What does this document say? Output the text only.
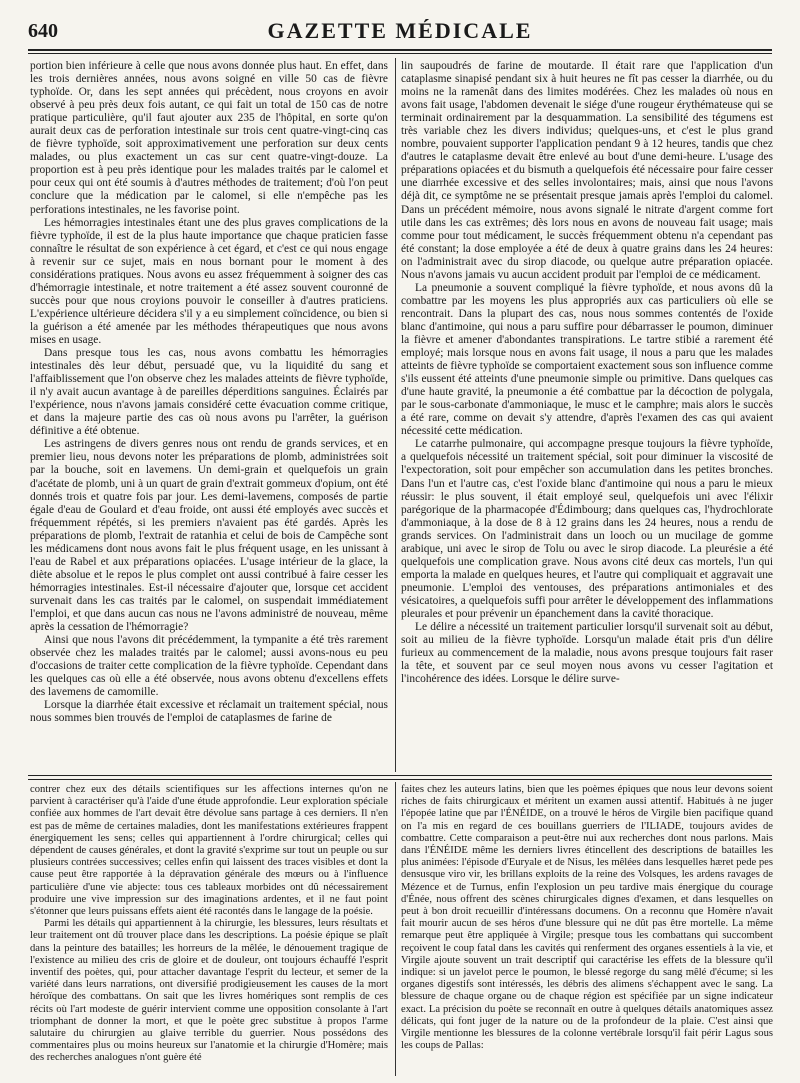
640	GAZETTE MÉDICALE

portion bien inférieure à celle que nous avons donnée plus haut. En effet, dans les trois dernières années, nous avons soigné en ville 50 cas de fièvre typhoïde. Or, dans les sept années qui précèdent, nous croyons en avoir observé à peu près deux fois autant, ce qui fait un total de 150 cas de notre pratique particulière, qu'il faut ajouter aux 235 de l'hôpital, en sorte qu'on aurait deux cas de perforation intestinale sur trois cent quatre-vingt-cinq cas de fièvre typhoïde, soit approximativement une perforation sur deux cents malades, ou plus exactement un cas sur cent quatre-vingt-douze. La proportion est à peu près identique pour les malades traités par le calomel et pour ceux qui ont été soumis à d'autres méthodes de traitement; d'où l'on peut conclure que la médication par le calomel, si elle n'empêche pas les perforations intestinales, ne les favorise point.

Les hémorragies intestinales étant une des plus graves complications de la fièvre typhoïde, il est de la plus haute importance que chaque praticien fasse connaître le résultat de son expérience à cet égard, et c'est ce qui nous engage à revenir sur ce sujet, mais en nous bornant pour le moment à des considérations pratiques. Nous avons eu assez fréquemment à soigner des cas d'hémorragie intestinale, et notre traitement a été assez souvent couronné de succès pour que nous croyions pouvoir le conseiller à d'autres praticiens. L'expérience ultérieure décidera s'il y a eu simplement coïncidence, ou bien si la guérison a été amenée par les méthodes thérapeutiques que nous avons mises en usage.

Dans presque tous les cas, nous avons combattu les hémorragies intestinales dès leur début, persuadé que, vu la liquidité du sang et l'affaiblissement que l'on observe chez les malades atteints de fièvre typhoïde, il n'y avait aucun avantage à de pareilles déperditions sanguines. Éclairés par l'expérience, nous n'avons jamais considéré cette évacuation comme critique, et dans la majeure partie des cas où nous avons pu l'arrêter, la guérison définitive a été obtenue.

Les astringens de divers genres nous ont rendu de grands services, et en premier lieu, nous devons noter les préparations de plomb, administrées soit par la bouche, soit en lavemens. Un demi-grain et quelquefois un grain d'acétate de plomb, uni à un quart de grain d'extrait gommeux d'opium, ont été donnés trois et quatre fois par jour. Les demi-lavemens, composés de partie égale d'eau de Goulard et d'eau froide, ont aussi été employés avec succès et fréquemment répétés, si les premiers n'avaient pas été gardés. Après les préparations de plomb, l'extrait de ratanhia et celui de bois de Campêche sont les médicamens dont nous avons fait le plus fréquent usage, en les unissant à l'eau de Rabel et aux préparations opiacées. L'usage intérieur de la glace, la diète absolue et le repos le plus complet ont aussi contribué à faire cesser les hémorragies intestinales. Est-il nécessaire d'ajouter que, lorsque cet accident survenait dans les cas traités par le calomel, on suspendait immédiatement l'emploi, et que dans aucun cas nous ne l'avons administré de nouveau, même après la cessation de l'hémorragie?

Ainsi que nous l'avons dit précédemment, la tympanite a été très rarement observée chez les malades traités par le calomel; aussi avons-nous eu peu d'occasions de traiter cette complication de la fièvre typhoïde. Cependant dans les quelques cas où elle a été observée, nous avons obtenu d'excellens effets des lavemens de camomille.

Lorsque la diarrhée était excessive et réclamait un traitement spécial, nous nous sommes bien trouvés de l'emploi de cataplasmes de farine de

lin saupoudrés de farine de moutarde. Il était rare que l'application d'un cataplasme sinapisé pendant six à huit heures ne fît pas cesser la diarrhée, ou du moins ne la ramenât dans des limites modérées. Chez les malades où nous en avons fait usage, l'abdomen devenait le siége d'une rougeur érythémateuse qui se terminait ordinairement par la desquammation. La sensibilité des tégumens est très variable chez les divers individus; quelques-uns, et c'est le plus grand nombre, pouvaient supporter l'application pendant 9 à 12 heures, tandis que chez d'autres le cataplasme devait être enlevé au bout d'une demi-heure. L'usage des préparations opiacées et du bismuth a quelquefois été nécessaire pour faire cesser une diarrhée excessive et des selles involontaires; mais, ainsi que nous l'avons déjà dit, ce symptôme ne se présentait presque jamais après l'emploi du calomel. Dans un précédent mémoire, nous avons signalé le nitrate d'argent comme fort utile dans les cas extrêmes; dès lors nous en avons de nouveau fait usage; mais comme pour tout médicament, le succès fréquemment obtenu n'a cependant pas été constant; la dose employée a été de deux à quatre grains dans les 24 heures: on l'administrait avec du sirop diacode, ou quelque autre préparation opiacée. Nous n'avons jamais vu aucun accident produit par l'emploi de ce médicament.

La pneumonie a souvent compliqué la fièvre typhoïde, et nous avons dû la combattre par les moyens les plus appropriés aux cas particuliers où elle se rencontrait. Dans la plupart des cas, nous nous sommes contentés de l'oxide blanc d'antimoine, qui nous a paru suffire pour débarrasser le poumon, diminuer la fièvre et amener d'abondantes transpirations. Le tartre stibié a rarement été employé; mais lorsque nous en avons fait usage, il nous a paru que les malades atteints de fièvre typhoïde se comportaient exactement sous son influence comme s'ils eussent été atteints d'une pneumonie simple ou primitive. Dans quelques cas d'une haute gravité, la pneumonie a été combattue par la décoction de polygala, par le sous-carbonate d'ammoniaque, le musc et le camphre; mais alors le succès a été rare, comme on devait s'y attendre, d'après l'examen des cas qui avaient nécessité cette médication.

Le catarrhe pulmonaire, qui accompagne presque toujours la fièvre typhoïde, a quelquefois nécessité un traitement spécial, soit pour diminuer la viscosité de l'expectoration, soit pour empêcher son accumulation dans les petites bronches. Dans l'un et l'autre cas, c'est l'oxide blanc d'antimoine qui nous a paru le mieux réussir: le plus souvent, il était employé seul, quelquefois uni avec l'élixir parégorique de la pharmacopée d'Édimbourg; dans quelques cas, l'hydrochlorate d'ammoniaque, à la dose de 8 à 12 grains dans les 24 heures, nous a rendu de grands services. On l'administrait dans un looch ou un mucilage de gomme arabique, uni avec le sirop de Tolu ou avec le sirop diacode. La pleurésie a été quelquefois une complication grave. Nous avons cité deux cas mortels, l'un qui emporta la malade en quelques heures, et l'autre qui compliquait et aggravait une pneumonie. L'emploi des ventouses, des préparations antimoniales et des vésicatoires, a quelquefois suffi pour arrêter le développement des inflammations pleurales et pour prévenir un épanchement dans la cavité thoracique.

Le délire a nécessité un traitement particulier lorsqu'il survenait soit au début, soit au milieu de la fièvre typhoïde. Lorsqu'un malade était pris d'un délire furieux au commencement de la maladie, nous avons presque toujours fait raser la tête, et souvent par ce seul moyen nous avons vu cesser l'agitation et l'incohérence des idées. Lorsque le délire surve-

contrer chez eux des détails scientifiques sur les affections internes qu'on ne parvient à caractériser qu'à l'aide d'une étude approfondie. Leur exploration spéciale confiée aux hommes de l'art devait être dévolue sans partage à ces derniers. Il n'en est pas de même de certaines maladies, dont les manifestations extérieures frappent énergiquement les sens; celles qui appartiennent à l'ordre chirurgical; celles qui dépendent de causes générales, et dont la gravité s'exprime sur tout un peuple ou sur plusieurs contrées successives; celles enfin qui laissent des traces visibles et dont la cause peut être rapportée à la dépravation générale des mœurs ou à l'influence particulière d'une vie abjecte: tous ces tableaux morbides ont dû nécessairement produire une vive impression sur des imaginations ardentes, et il ne faut point s'étonner que leurs puissans effets aient été racontés dans le langage de la poésie.

Parmi les détails qui appartiennent à la chirurgie, les blessures, leurs résultats et leur traitement ont dû trouver place dans les descriptions. La poésie épique se plaît dans la peinture des batailles; les horreurs de la mêlée, le dénouement tragique de l'existence au milieu des cris de gloire et de douleur, ont toujours échauffé l'esprit inventif des poètes, qui, pour attacher davantage l'esprit du lecteur, et semer de la variété dans leurs narrations, ont diversifié prodigieusement les causes de la mort héroïque des combattans. On sait que les livres homériques sont remplis de ces récits où l'art modeste de guérir intervient comme une opposition consolante à l'art triomphant de donner la mort, et que le poète grec substitue à propos l'arme salutaire du chirurgien au glaive terrible du guerrier. Nous possédons des commentaires plus ou moins heureux sur l'anatomie et la chirurgie d'Homère; mais des recherches analogues n'ont guère été

faites chez les auteurs latins, bien que les poèmes épiques que nous leur devons soient riches de faits chirurgicaux et méritent un examen aussi attentif. Habitués à ne juger l'épopée latine que par l'ÉNÉIDE, on a trouvé le héros de Virgile bien pacifique quand on l'a mis en regard de ces bouillans guerriers de l'ILIADE, toujours avides de combattre. Cette comparaison a peut-être nui aux recherches dont nous parlons. Mais dans l'ÉNÉIDE même les derniers livres étincellent des descriptions de batailles les plus animées: l'épisode d'Euryale et de Nisus, les mêlées dans lesquelles hæret pede pes densusque viro vir, les brillans exploits de la reine des Volsques, les ardens ravages de Mézence et de Turnus, enfin l'explosion un peu tardive mais énergique du courage d'Énée, nous offrent des scènes chirurgicales dignes d'examen, et dans lesquelles on peut à bon droit recueillir d'intéressans documens. On a reconnu que Homère n'avait fait mourir aucun de ses héros d'une blessure qui ne dût pas être mortelle. La même remarque peut être appliquée à Virgile; presque tous les combattans qui succombent reçoivent le coup fatal dans les cavités qui renferment des organes essentiels à la vie, et Virgile ajoute souvent un trait descriptif qui caractérise les effets de la blessure qu'il indique: si un javelot perce le poumon, le blessé regorge du sang mêlé d'écume; si les organes digestifs sont intéressés, les débris des alimens s'échappent avec le sang. La blessure de chaque organe ou de chaque région est spécifiée par un signe indicateur exact. La précision du poète se reconnaît en outre à quelques détails anatomiques assez délicats, qui font juger de la nature ou de la profondeur de la plaie. C'est ainsi que Virgile mentionne les blessures de la colonne vertébrale lorsqu'il fait périr Lagus sous les coups de Pallas:
